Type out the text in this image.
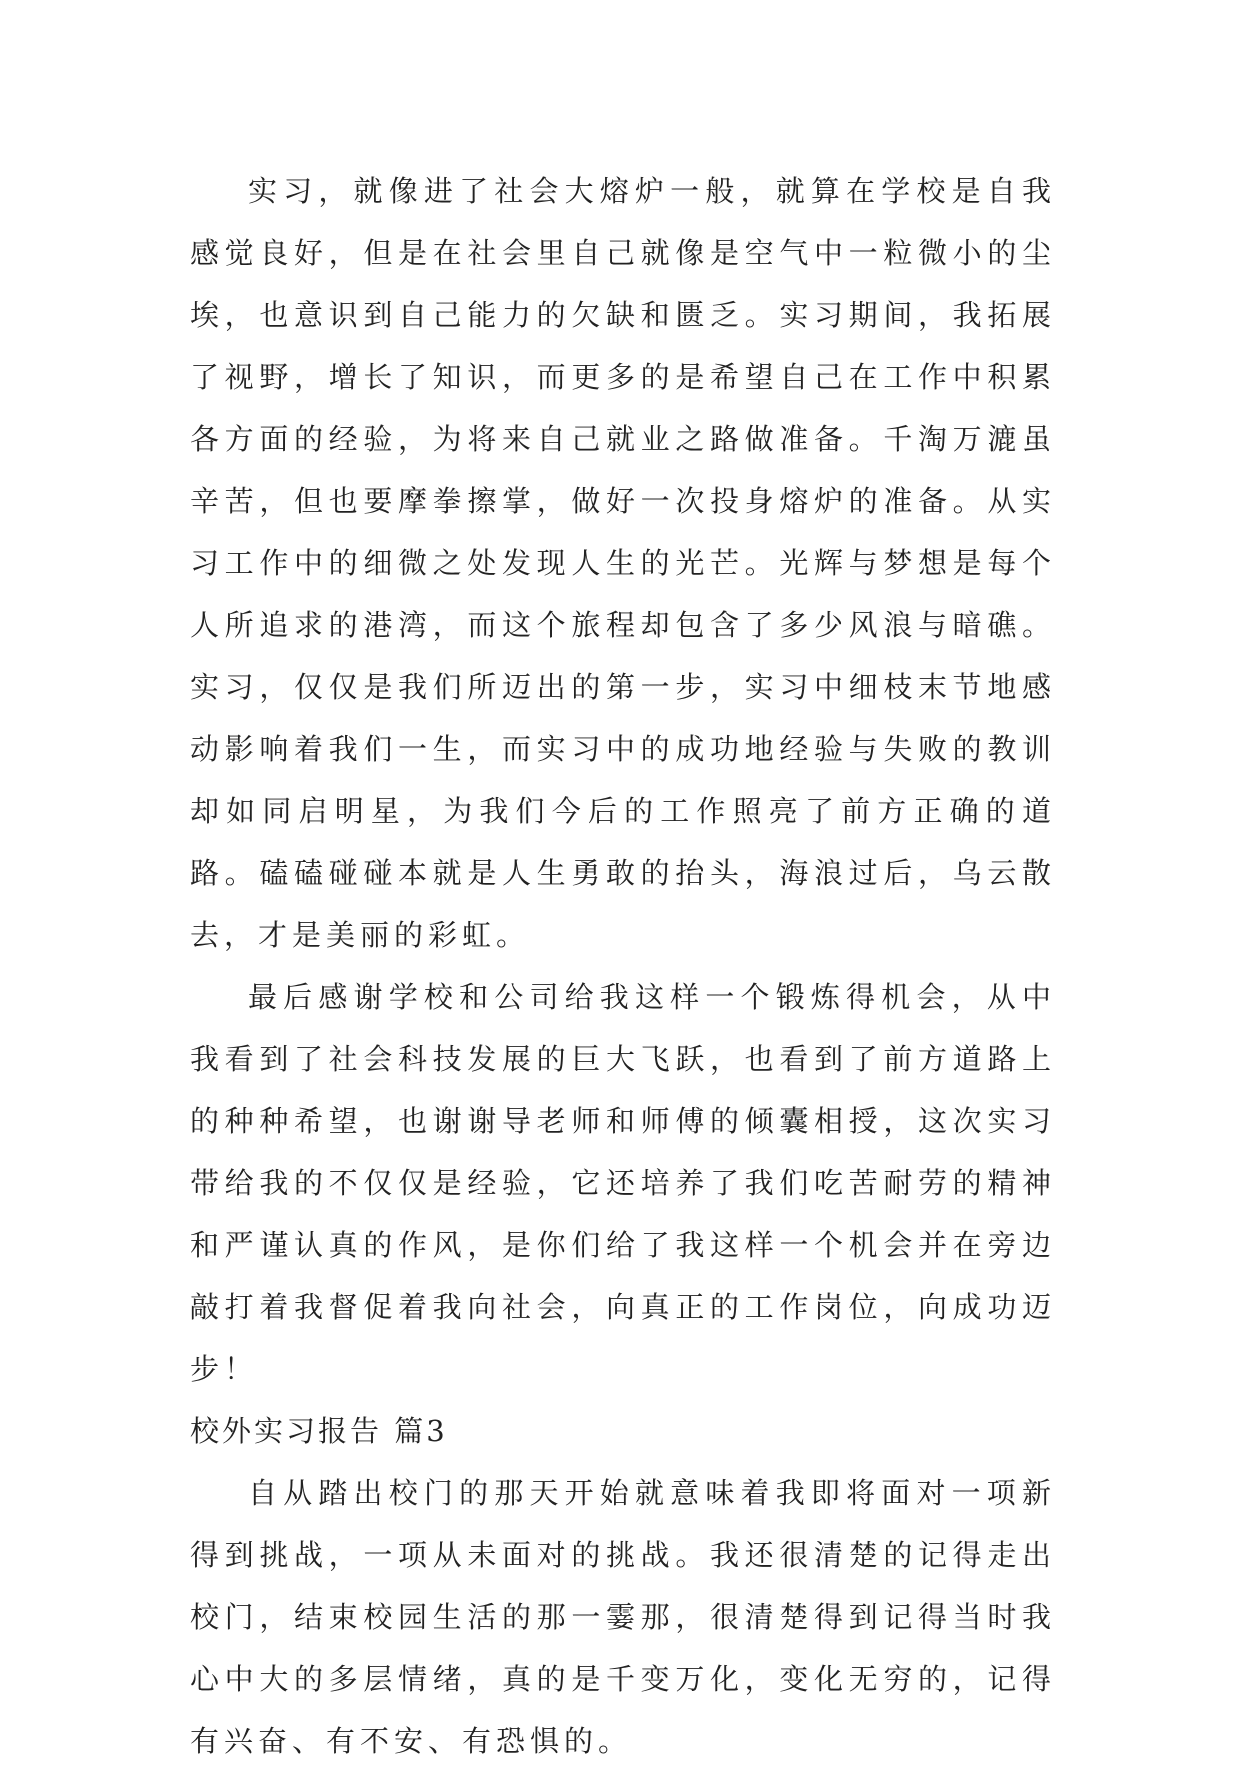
实习，就像进了社会大熔炉一般，就算在学校是自我感觉良好，但是在社会里自己就像是空气中一粒微小的尘埃，也意识到自己能力的欠缺和匮乏。实习期间，我拓展了视野，增长了知识，而更多的是希望自己在工作中积累各方面的经验，为将来自己就业之路做准备。千淘万漉虽辛苦，但也要摩拳擦掌，做好一次投身熔炉的准备。从实习工作中的细微之处发现人生的光芒。光辉与梦想是每个人所追求的港湾，而这个旅程却包含了多少风浪与暗礁。实习，仅仅是我们所迈出的第一步，实习中细枝末节地感动影响着我们一生，而实习中的成功地经验与失败的教训却如同启明星，为我们今后的工作照亮了前方正确的道路。磕磕碰碰本就是人生勇敢的抬头，海浪过后，乌云散去，才是美丽的彩虹。

最后感谢学校和公司给我这样一个锻炼得机会，从中我看到了社会科技发展的巨大飞跃，也看到了前方道路上的种种希望，也谢谢导老师和师傅的倾囊相授，这次实习带给我的不仅仅是经验，它还培养了我们吃苦耐劳的精神和严谨认真的作风，是你们给了我这样一个机会并在旁边敲打着我督促着我向社会，向真正的工作岗位，向成功迈步！

校外实习报告 篇3

自从踏出校门的那天开始就意味着我即将面对一项新得到挑战，一项从未面对的挑战。我还很清楚的记得走出校门，结束校园生活的那一霎那，很清楚得到记得当时我心中大的多层情绪，真的是千变万化，变化无穷的，记得有兴奋、有不安、有恐惧的。
